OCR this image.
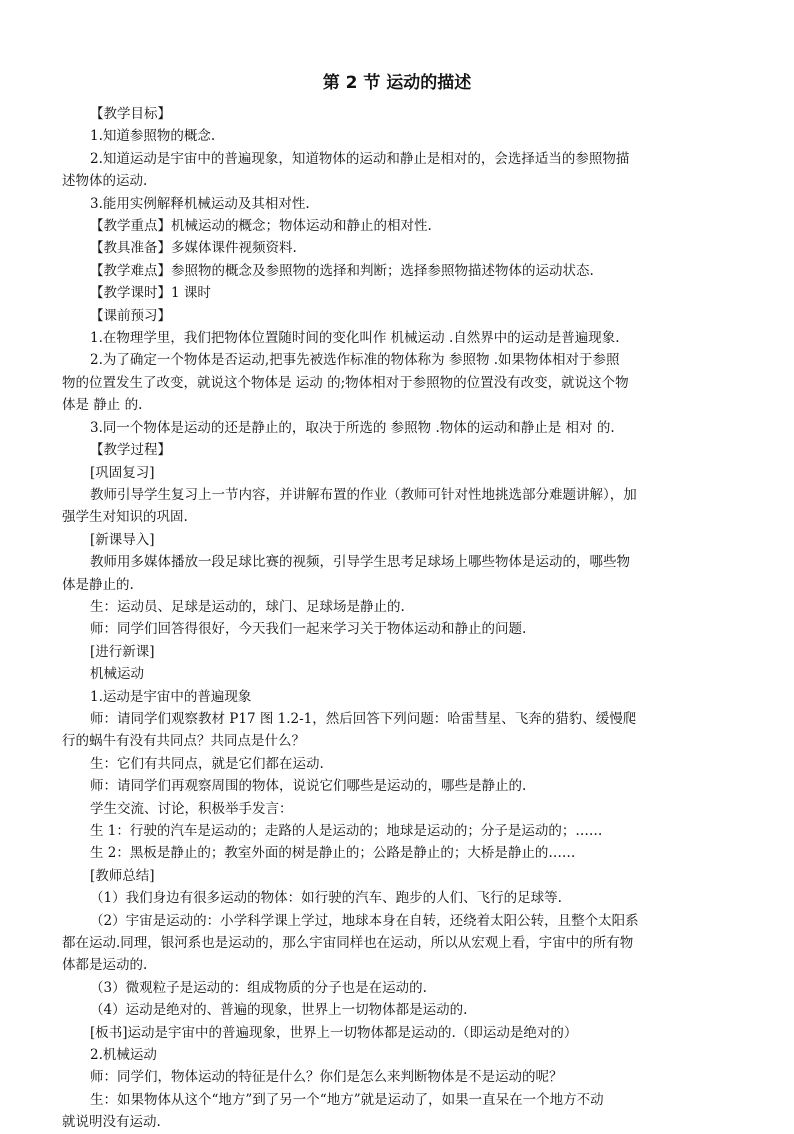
第 2 节 运动的描述
【教学目标】
1.知道参照物的概念.
2.知道运动是宇宙中的普遍现象，知道物体的运动和静止是相对的，会选择适当的参照物描
述物体的运动.
3.能用实例解释机械运动及其相对性.
【教学重点】机械运动的概念；物体运动和静止的相对性.
【教具准备】多媒体课件视频资料.
【教学难点】参照物的概念及参照物的选择和判断；选择参照物描述物体的运动状态.
【教学课时】1 课时
【课前预习】
1.在物理学里，我们把物体位置随时间的变化叫作 机械运动 .自然界中的运动是普遍现象.
2.为了确定一个物体是否运动,把事先被选作标准的物体称为 参照物 .如果物体相对于参照
物的位置发生了改变，就说这个物体是 运动 的;物体相对于参照物的位置没有改变，就说这个物
体是 静止 的.
3.同一个物体是运动的还是静止的，取决于所选的 参照物 .物体的运动和静止是 相对 的.
【教学过程】
[巩固复习]
教师引导学生复习上一节内容，并讲解布置的作业（教师可针对性地挑选部分难题讲解），加
强学生对知识的巩固.
[新课导入]
教师用多媒体播放一段足球比赛的视频，引导学生思考足球场上哪些物体是运动的，哪些物
体是静止的.
生：运动员、足球是运动的，球门、足球场是静止的.
师：同学们回答得很好，今天我们一起来学习关于物体运动和静止的问题.
[进行新课]
机械运动
1.运动是宇宙中的普遍现象
师：请同学们观察教材 P17 图 1.2-1，然后回答下列问题：哈雷彗星、飞奔的猎豹、缓慢爬
行的蜗牛有没有共同点？共同点是什么？
生：它们有共同点，就是它们都在运动.
师：请同学们再观察周围的物体，说说它们哪些是运动的，哪些是静止的.
学生交流、讨论，积极举手发言：
生 1：行驶的汽车是运动的；走路的人是运动的；地球是运动的；分子是运动的；……
生 2：黑板是静止的；教室外面的树是静止的；公路是静止的；大桥是静止的……
[教师总结]
（1）我们身边有很多运动的物体：如行驶的汽车、跑步的人们、飞行的足球等.
（2）宇宙是运动的：小学科学课上学过，地球本身在自转，还绕着太阳公转，且整个太阳系
都在运动.同理，银河系也是运动的，那么宇宙同样也在运动，所以从宏观上看，宇宙中的所有物
体都是运动的.
（3）微观粒子是运动的：组成物质的分子也是在运动的.
（4）运动是绝对的、普遍的现象，世界上一切物体都是运动的.
[板书]运动是宇宙中的普遍现象，世界上一切物体都是运动的.（即运动是绝对的）
2.机械运动
师：同学们，物体运动的特征是什么？你们是怎么来判断物体是不是运动的呢？
生：如果物体从这个“地方”到了另一个“地方”就是运动了，如果一直呆在一个地方不动
就说明没有运动.
